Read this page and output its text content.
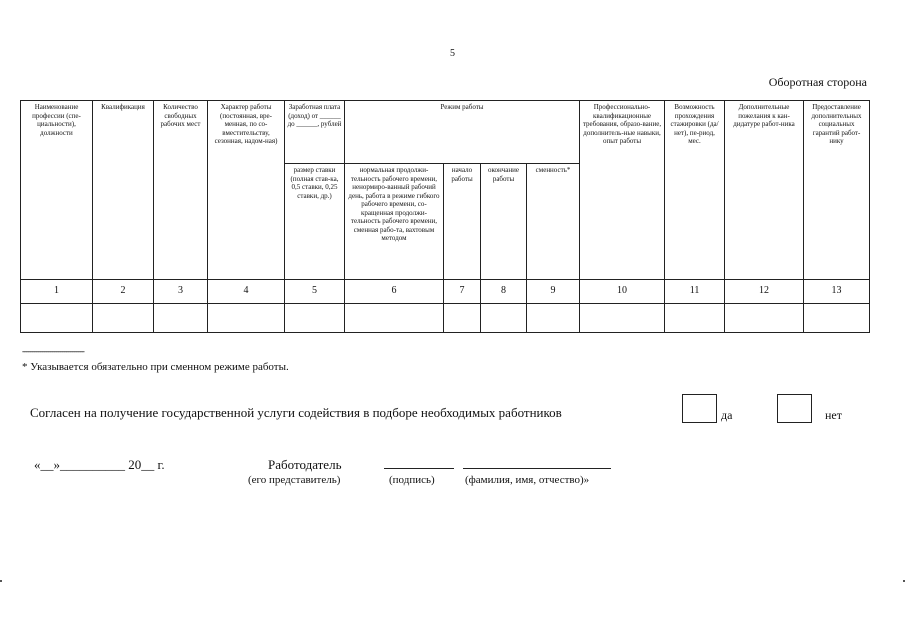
5
Оборотная сторона
Наименование профессии (спе-циальности), должности	Квалификация	Количество свободных рабочих мест	Характер работы (постоянная, вре-менная, по со-вместительству, сезонная, надом-ная)	Заработная плата (доход) от ______ до ______, рублей	Режим работы				Профессионально-квалификационные требования, образо-вание, дополнитель-ные навыки, опыт работы	Возможность прохождения стажировки (да/нет), пе-риод, мес.	Дополнительные пожелания к кан-дидатуре работ-ника	Предоставление дополнительных социальных гарантий работ-нику
				размер ставки (полная став-ка, 0,5 ставки, 0,25 ставки, др.)	нормальная продолжи-тельность рабочего времени, ненормиро-ванный рабочий день, работа в режиме гибкого рабочего времени, со-кращенная продолжи-тельность рабочего времени, сменная рабо-та, вахтовым методом	начало работы	окончание работы	сменность*				
1	2	3	4	5	6	7	8	9	10	11	12	13

-------------------------------
* Указывается обязательно при сменном режиме работы.
Согласен на получение государственной услуги содействия в подборе необходимых работников	да	нет
«__»__________ 20__ г.	Работодатель
(его представитель)	(подпись)	(фамилия, имя, отчество)»
